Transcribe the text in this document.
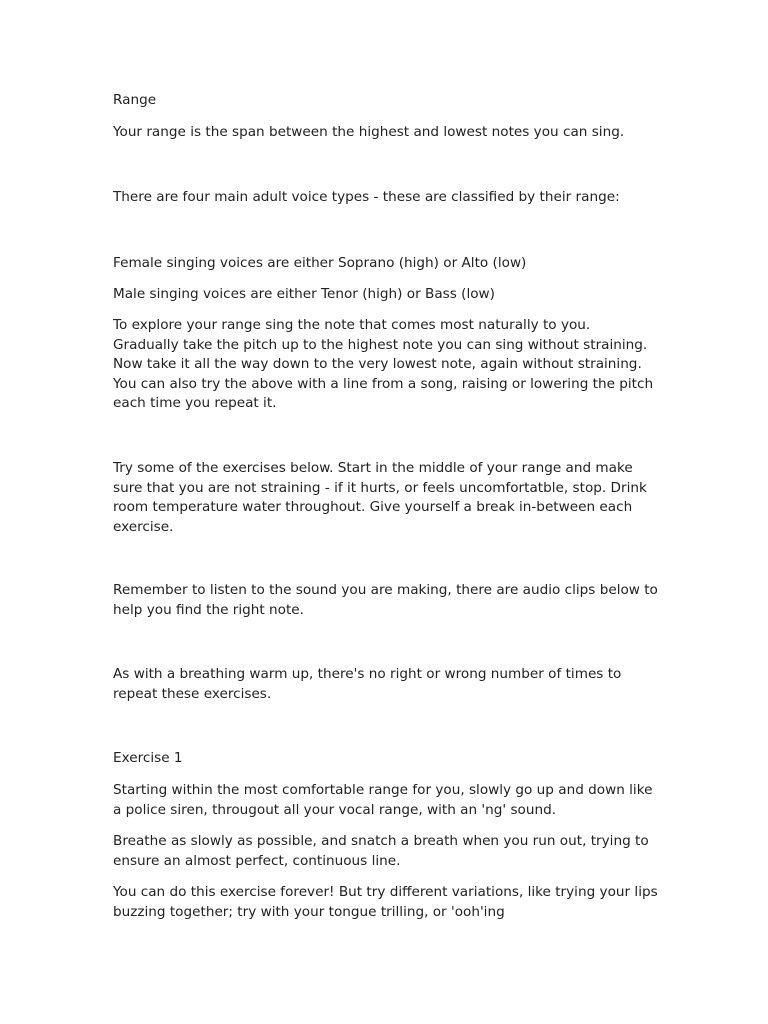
Range

Your range is the span between the highest and lowest notes you can sing.

There are four main adult voice types - these are classified by their range:

Female singing voices are either Soprano (high) or Alto (low)

Male singing voices are either Tenor (high) or Bass (low)

To explore your range sing the note that comes most naturally to you. Gradually take the pitch up to the highest note you can sing without straining. Now take it all the way down to the very lowest note, again without straining. You can also try the above with a line from a song, raising or lowering the pitch each time you repeat it.

Try some of the exercises below. Start in the middle of your range and make sure that you are not straining - if it hurts, or feels uncomfortatble, stop. Drink room temperature water throughout. Give yourself a break in-between each exercise.

Remember to listen to the sound you are making, there are audio clips below to help you find the right note.

As with a breathing warm up, there's no right or wrong number of times to repeat these exercises.

Exercise 1

Starting within the most comfortable range for you, slowly go up and down like a police siren, througout all your vocal range, with an 'ng' sound.

Breathe as slowly as possible, and snatch a breath when you run out, trying to ensure an almost perfect, continuous line.

You can do this exercise forever! But try different variations, like trying your lips buzzing together; try with your tongue trilling, or 'ooh'ing
